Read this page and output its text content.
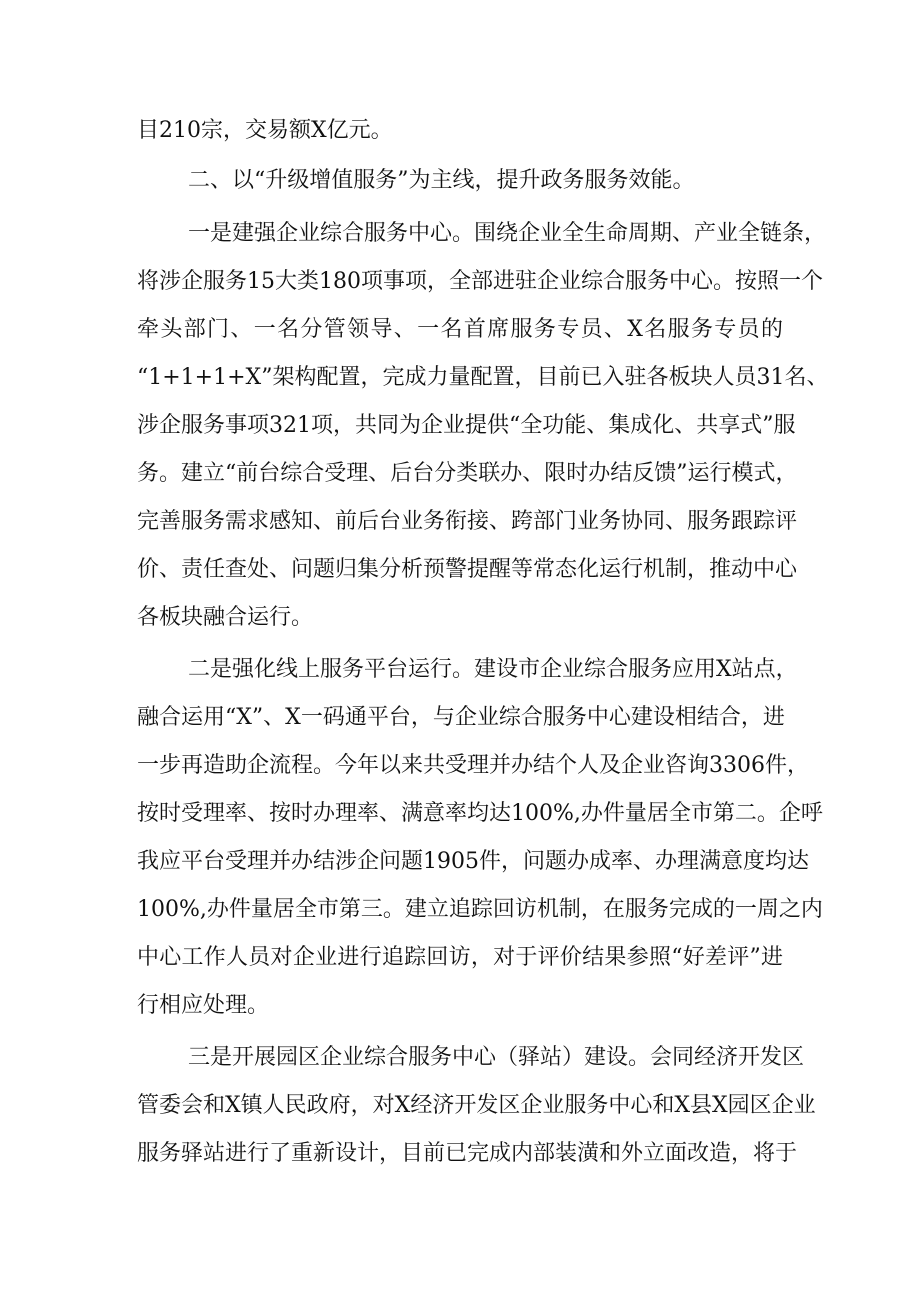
目210宗，交易额X亿元。
二、以“升级增值服务”为主线，提升政务服务效能。
一是建强企业综合服务中心。围绕企业全生命周期、产业全链条，
将涉企服务15大类180项事项，全部进驻企业综合服务中心。按照一个
牵头部门、一名分管领导、一名首席服务专员、X名服务专员的
“1+1+1+X”架构配置，完成力量配置，目前已入驻各板块人员31名、
涉企服务事项321项，共同为企业提供“全功能、集成化、共享式”服
务。建立“前台综合受理、后台分类联办、限时办结反馈”运行模式，
完善服务需求感知、前后台业务衔接、跨部门业务协同、服务跟踪评
价、责任查处、问题归集分析预警提醒等常态化运行机制，推动中心
各板块融合运行。
二是强化线上服务平台运行。建设市企业综合服务应用X站点，
融合运用“X”、X一码通平台，与企业综合服务中心建设相结合，进
一步再造助企流程。今年以来共受理并办结个人及企业咨询3306件，
按时受理率、按时办理率、满意率均达100%,办件量居全市第二。企呼
我应平台受理并办结涉企问题1905件，问题办成率、办理满意度均达
100%,办件量居全市第三。建立追踪回访机制，在服务完成的一周之内
中心工作人员对企业进行追踪回访，对于评价结果参照“好差评”进
行相应处理。
三是开展园区企业综合服务中心（驿站）建设。会同经济开发区
管委会和X镇人民政府，对X经济开发区企业服务中心和X县X园区企业
服务驿站进行了重新设计，目前已完成内部装潢和外立面改造，将于
